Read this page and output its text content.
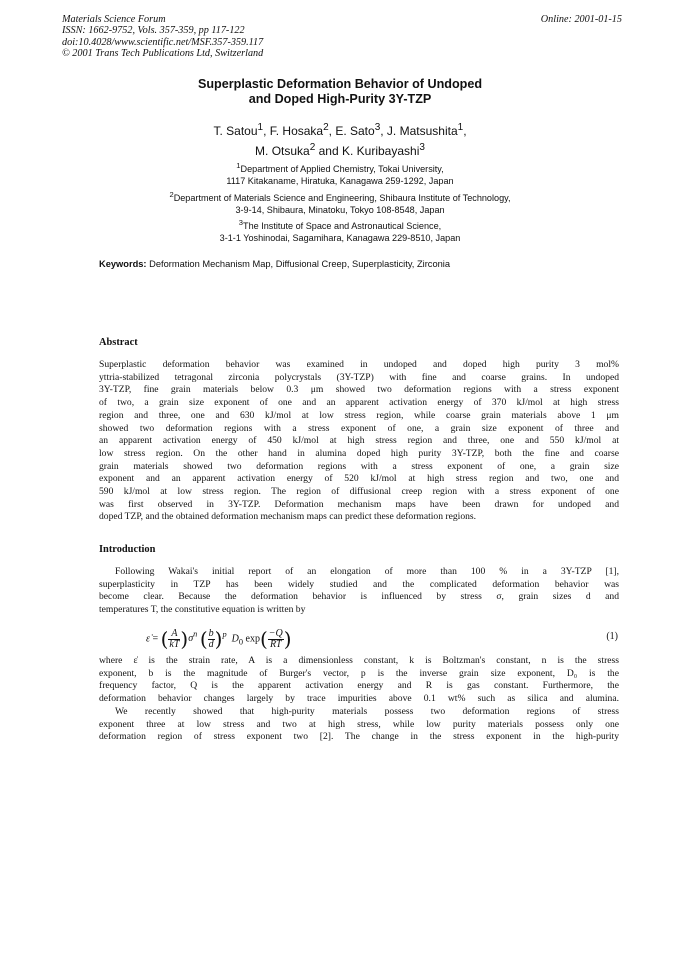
Materials Science Forum
ISSN: 1662-9752, Vols. 357-359, pp 117-122
doi:10.4028/www.scientific.net/MSF.357-359.117
© 2001 Trans Tech Publications Ltd, Switzerland
Online: 2001-01-15
Superplastic Deformation Behavior of Undoped
and Doped High-Purity 3Y-TZP
T. Satou$^1$, F. Hosaka$^2$, E. Sato$^3$, J. Matsushita$^1$,
M. Otsuka$^2$ and K. Kuribayashi$^3$
$^1$Department of Applied Chemistry, Tokai University,
1117 Kitakaname, Hiratuka, Kanagawa 259-1292, Japan
$^2$Department of Materials Science and Engineering, Shibaura Institute of Technology,
3-9-14, Shibaura, Minatoku, Tokyo 108-8548, Japan
$^3$The Institute of Space and Astronautical Science,
3-1-1 Yoshinodai, Sagamihara, Kanagawa 229-8510, Japan
Keywords: Deformation Mechanism Map, Diffusional Creep, Superplasticity, Zirconia
Abstract
Superplastic deformation behavior was examined in undoped and doped high purity 3 mol%
yttria-stabilized tetragonal zirconia polycrystals (3Y-TZP) with fine and coarse grains. In undoped
3Y-TZP, fine grain materials below 0.3 μm showed two deformation regions with a stress exponent
of two, a grain size exponent of one and an apparent activation energy of 370 kJ/mol at high stress
region and three, one and 630 kJ/mol at low stress region, while coarse grain materials above 1 μm
showed two deformation regions with a stress exponent of one, a grain size exponent of three and
an apparent activation energy of 450 kJ/mol at high stress region and three, one and 550 kJ/mol at
low stress region. On the other hand in alumina doped high purity 3Y-TZP, both the fine and coarse
grain materials showed two deformation regions with a stress exponent of one, a grain size
exponent and an apparent activation energy of 520 kJ/mol at high stress region and two, one and
590 kJ/mol at low stress region. The region of diffusional creep region with a stress exponent of one
was first observed in 3Y-TZP. Deformation mechanism maps have been drawn for undoped and
doped TZP, and the obtained deformation mechanism maps can predict these deformation regions.
Introduction
Following Wakai's initial report of an elongation of more than 100 % in a 3Y-TZP [1],
superplasticity in TZP has been widely studied and the complicated deformation behavior was
become clear. Because the deformation behavior is influenced by stress σ, grain sizes d and
temperatures T, the constitutive equation is written by
ε̇ = ( $\frac{A}{kT} )\sigma^n$ ( $\frac{b}{d} )^p$ $D_0$ $\exp( \frac{-Q}{RT}$ )	(1)
where ε̇ is the strain rate, A is a dimensionless constant, k is Boltzman's constant, n is the stress
exponent, b is the magnitude of Burger's vector, p is the inverse grain size exponent, D₀ is the
frequency factor, Q is the apparent activation energy and R is gas constant. Furthermore, the
deformation behavior changes largely by trace impurities above 0.1 wt% such as silica and alumina.
We recently showed that high-purity materials possess two deformation regions of stress
exponent three at low stress and two at high stress, while low purity materials possess only one
deformation region of stress exponent two [2]. The change in the stress exponent in the high-purity
